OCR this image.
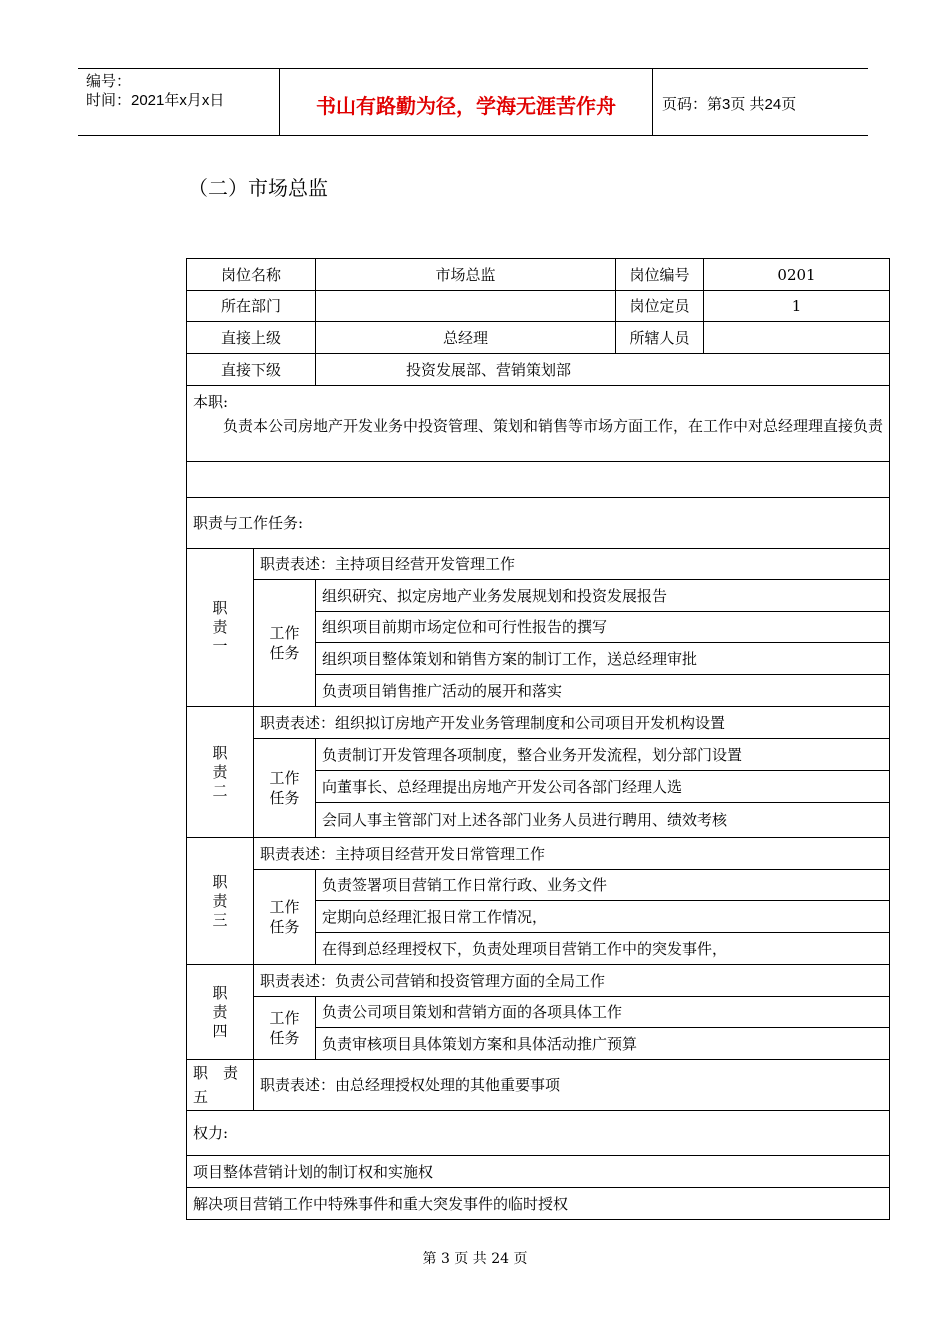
编号：
时间：2021年x月x日	书山有路勤为径，学海无涯苦作舟	页码：第3页 共24页
（二）市场总监
岗位名称		市场总监	岗位编号	0201
所在部门			岗位定员	1
直接上级		总经理	所辖人员	
直接下级		投资发展部、营销策划部		

本职:
负责本公司房地产开发业务中投资管理、策划和销售等市场方面工作，在工作中对总经理理直接负责				

职责与工作任务:				
职责一	职责表述：主持项目经营开发管理工作			
	工作任务	组织研究、拟定房地产业务发展规划和投资发展报告		
		组织项目前期市场定位和可行性报告的撰写		
		组织项目整体策划和销售方案的制订工作，送总经理审批		
		负责项目销售推广活动的展开和落实		
职责二	职责表述：组织拟订房地产开发业务管理制度和公司项目开发机构设置			
	工作任务	负责制订开发管理各项制度，整合业务开发流程，划分部门设置		
		向董事长、总经理提出房地产开发公司各部门经理人选		
		会同人事主管部门对上述各部门业务人员进行聘用、绩效考核		
职责三	职责表述：主持项目经营开发日常管理工作			
	工作任务	负责签署项目营销工作日常行政、业务文件		
		定期向总经理汇报日常工作情况，		
		在得到总经理授权下，负责处理项目营销工作中的突发事件，		
职责四	职责表述：负责公司营销和投资管理方面的全局工作			
	工作任务	负责公司项目策划和营销方面的各项具体工作		
		负责审核项目具体策划方案和具体活动推广预算		
职　责五	职责表述：由总经理授权处理的其他重要事项			
权力:				
项目整体营销计划的制订权和实施权				
解决项目营销工作中特殊事件和重大突发事件的临时授权				
第 3 页 共 24 页
